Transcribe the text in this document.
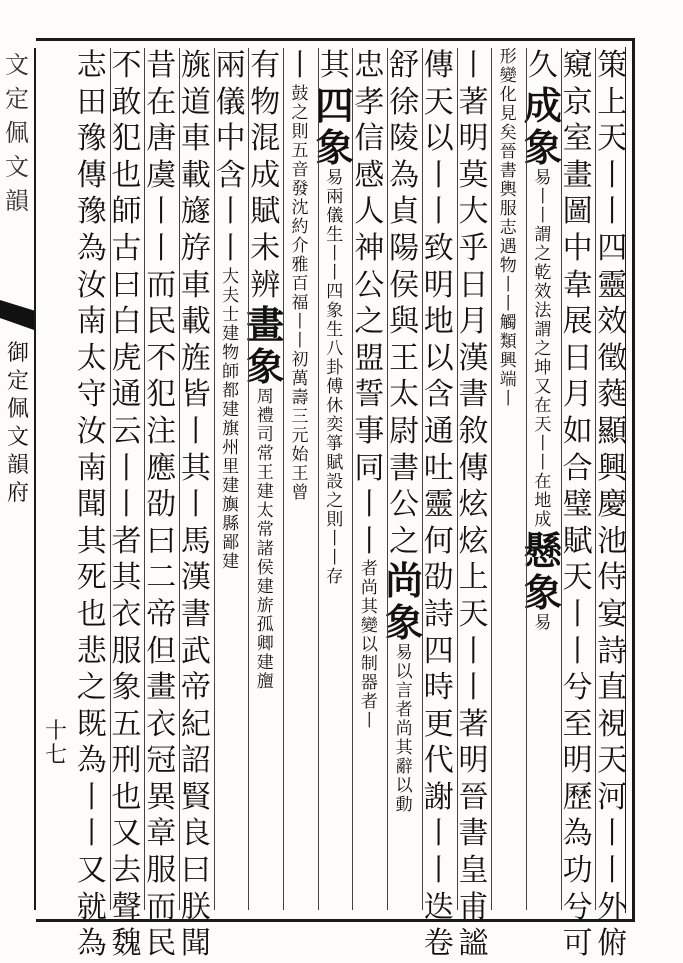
文
定
佩
文
韻
御
定
佩
文
韻
府
十
七
策
上
天
丨
丨
四
靈
效
徵
蕤
顯
興
慶
池
侍
宴
詩
直
視
天
河
丨
丨
外
俯
窺
京
室
畫
圖
中
韋
展
日
月
如
合
璧
賦
天
丨
丨
兮
至
明
歷
為
功
兮
可
久
成
象
易
丨
丨
謂
之
乾
效
法
謂
之
坤
又
在
天
丨
丨
在
地
成
懸
象
易
形
變
化
見
矣
晉
書
輿
服
志
遇
物
丨
丨
觸
類
興
端
丨
丨
著
明
莫
大
乎
日
月
漢
書
敘
傳
炫
炫
上
天
丨
丨
著
明
晉
書
皇
甫
謐
傳
天
以
丨
丨
致
明
地
以
含
通
吐
靈
何
劭
詩
四
時
更
代
謝
丨
丨
迭
卷
舒
徐
陵
為
貞
陽
侯
與
王
太
尉
書
公
之
尚
象
易
以
言
者
尚
其
辭
以
動
忠
孝
信
感
人
神
公
之
盟
誓
事
同
丨
丨
者
尚
其
變
以
制
器
者
丨
其
四
象
易
兩
儀
生
丨
丨
四
象
生
八
卦
傅
休
奕
箏
賦
設
之
則
丨
丨
存
丨
鼓
之
則
五
音
發
沈
約
介
雅
百
福
丨
丨
初
萬
壽
三
元
始
王
曾
有
物
混
成
賦
未
辨
畫
象
周
禮
司
常
王
建
太
常
諸
侯
建
旂
孤
卿
建
旜
兩
儀
中
含
丨
丨
大
夫
士
建
物
師
都
建
旗
州
里
建
旟
縣
鄙
建
旐
道
車
載
旞
斿
車
載
旌
皆
丨
其
丨
馬
漢
書
武
帝
紀
詔
賢
良
曰
朕
聞
昔
在
唐
虞
丨
丨
而
民
不
犯
注
應
劭
曰
二
帝
但
畫
衣
冠
異
章
服
而
民
不
敢
犯
也
師
古
曰
白
虎
通
云
丨
丨
者
其
衣
服
象
五
刑
也
又
去
聲
魏
志
田
豫
傳
豫
為
汝
南
太
守
汝
南
聞
其
死
也
悲
之
既
為
丨
丨
又
就
為
